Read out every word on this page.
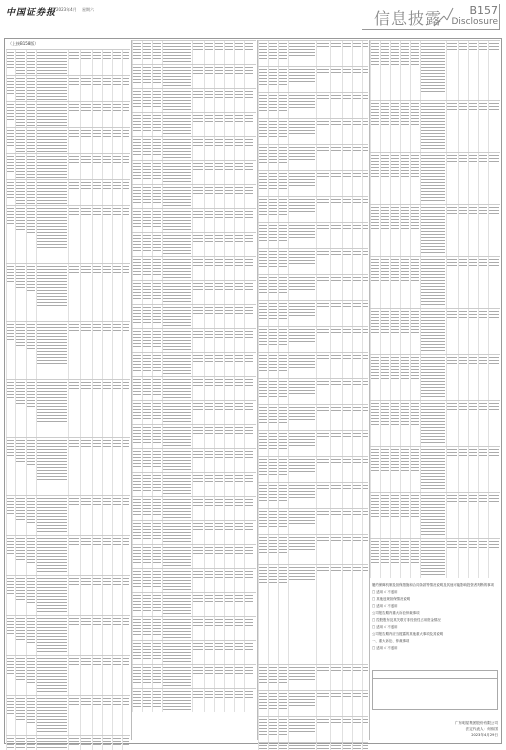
中国证券报 2023年4月 星期六	信息披露 B157
Disclosure
（上接B158版）

履约保障机制及担保措施和合同条款等情况说明及其他可能影响投资者判断的事项

□ 适用 √ 不适用

□ 其他违规担保情况说明

□ 适用 √ 不适用

公司报告期内重大诉讼仲裁事项

□ 控股股东及其关联方非经营性占用资金情况

□ 适用 √ 不适用

公司报告期内应当披露的其他重大事项及其说明

一、重大诉讼、仲裁事项

□ 适用 √ 不适用

广东明星集团股份有限公司
法定代表人：何伟国
2023年4月29日
